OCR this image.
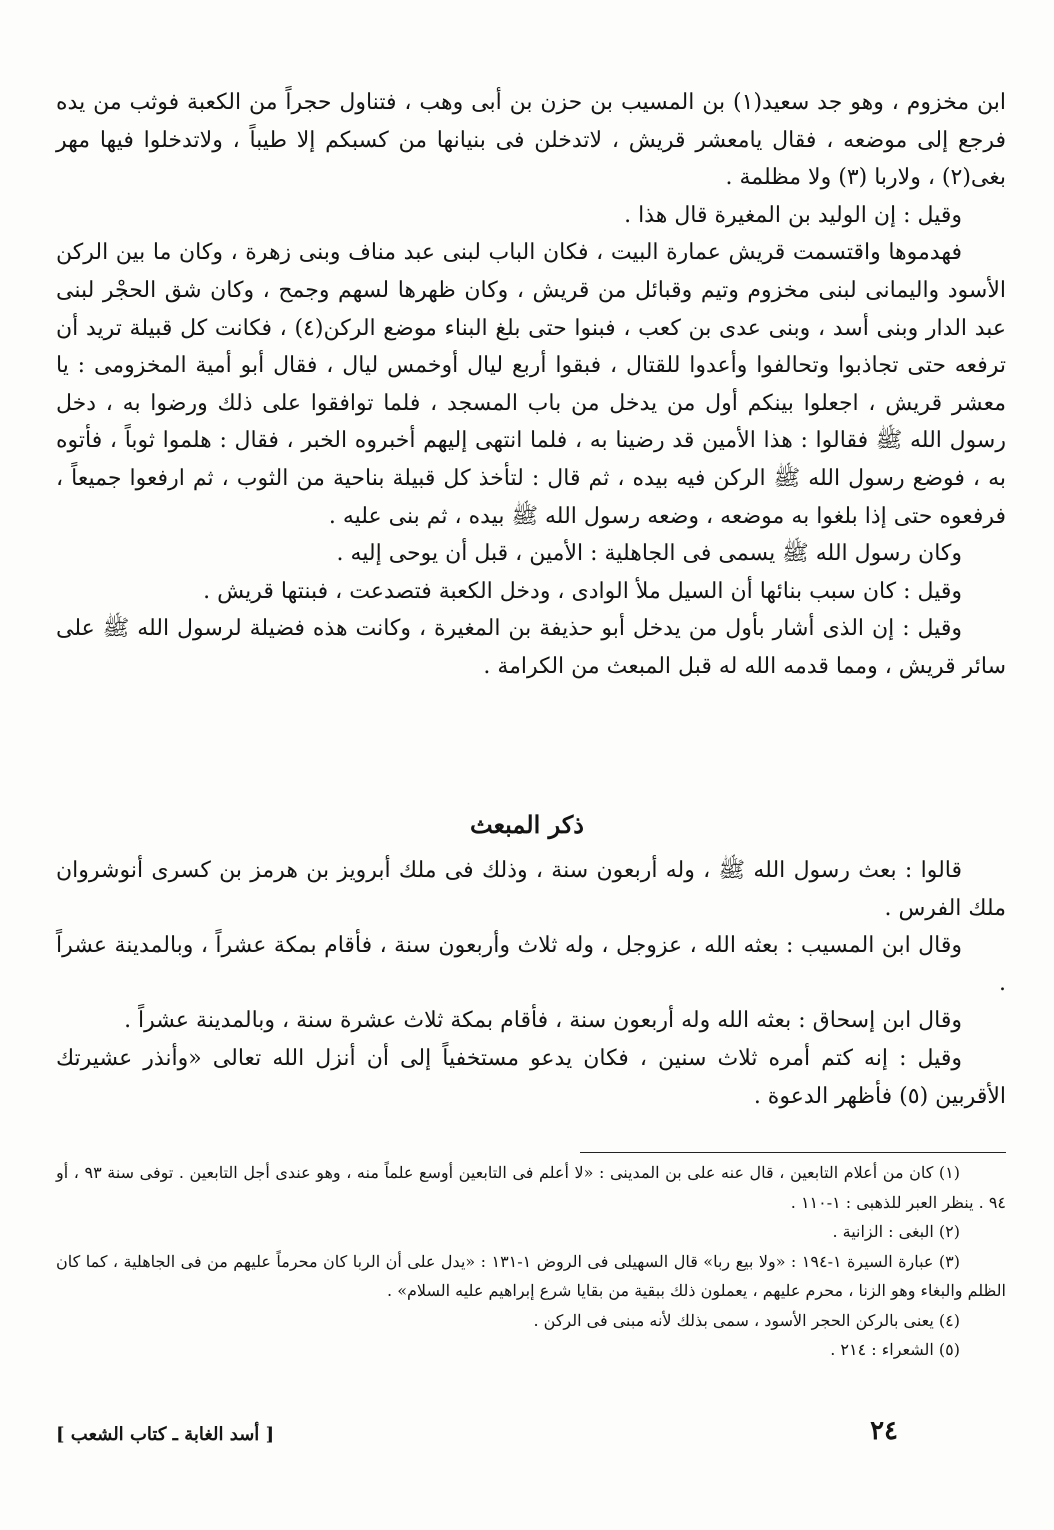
ابن مخزوم ، وهو جد سعيد(١) بن المسيب بن حزن بن أبى وهب ، فتناول حجراً من الكعبة فوثب من يده فرجع إلى موضعه ، فقال يامعشر قريش ، لاتدخلن فى بنيانها من كسبكم إلا طيباً ، ولاتدخلوا فيها مهر بغى(٢) ، ولاربا (٣) ولا مظلمة .

وقيل : إن الوليد بن المغيرة قال هذا .

فهدموها واقتسمت قريش عمارة البيت ، فكان الباب لبنى عبد مناف وبنى زهرة ، وكان ما بين الركن الأسود واليمانى لبنى مخزوم وتيم وقبائل من قريش ، وكان ظهرها لسهم وجمح ، وكان شق الحجْر لبنى عبد الدار وبنى أسد ، وبنى عدى بن كعب ، فبنوا حتى بلغ البناء موضع الركن(٤) ، فكانت كل قبيلة تريد أن ترفعه حتى تجاذبوا وتحالفوا وأعدوا للقتال ، فبقوا أربع ليال أوخمس ليال ، فقال أبو أمية المخزومى : يا معشر قريش ، اجعلوا بينكم أول من يدخل من باب المسجد ، فلما توافقوا على ذلك ورضوا به ، دخل رسول الله ﷺ فقالوا : هذا الأمين قد رضينا به ، فلما انتهى إليهم أخبروه الخبر ، فقال : هلموا ثوباً ، فأتوه به ، فوضع رسول الله ﷺ الركن فيه بيده ، ثم قال : لتأخذ كل قبيلة بناحية من الثوب ، ثم ارفعوا جميعاً ، فرفعوه حتى إذا بلغوا به موضعه ، وضعه رسول الله ﷺ بيده ، ثم بنى عليه .

وكان رسول الله ﷺ يسمى فى الجاهلية : الأمين ، قبل أن يوحى إليه .

وقيل : كان سبب بنائها أن السيل ملأ الوادى ، ودخل الكعبة فتصدعت ، فبنتها قريش .

وقيل : إن الذى أشار بأول من يدخل أبو حذيفة بن المغيرة ، وكانت هذه فضيلة لرسول الله ﷺ على سائر قريش ، ومما قدمه الله له قبل المبعث من الكرامة .

ذكر المبعث

قالوا : بعث رسول الله ﷺ ، وله أربعون سنة ، وذلك فى ملك أبرويز بن هرمز بن كسرى أنوشروان ملك الفرس .

وقال ابن المسيب : بعثه الله ، عزوجل ، وله ثلاث وأربعون سنة ، فأقام بمكة عشراً ، وبالمدينة عشراً .

وقال ابن إسحاق : بعثه الله وله أربعون سنة ، فأقام بمكة ثلاث عشرة سنة ، وبالمدينة عشراً .

وقيل : إنه كتم أمره ثلاث سنين ، فكان يدعو مستخفياً إلى أن أنزل الله تعالى «وأنذر عشيرتك الأقربين (٥) فأظهر الدعوة .

(١) كان من أعلام التابعين ، قال عنه على بن المدينى : «لا أعلم فى التابعين أوسع علماً منه ، وهو عندى أجل التابعين . توفى سنة ٩٣ ، أو ٩٤ . ينظر العبر للذهبى : ١-١١٠ .

(٢) البغى : الزانية .

(٣) عبارة السيرة ١-١٩٤ : «ولا بيع ربا» قال السهيلى فى الروض ١-١٣١ : «يدل على أن الربا كان محرماً عليهم من فى الجاهلية ، كما كان الظلم والبغاء وهو الزنا ، محرم عليهم ، يعملون ذلك ببقية من بقايا شرع إبراهيم عليه السلام» .

(٤) يعنى بالركن الحجر الأسود ، سمى بذلك لأنه مبنى فى الركن .

(٥) الشعراء : ٢١٤ .

٢٤
[ أسد الغابة ـ كتاب الشعب ]
